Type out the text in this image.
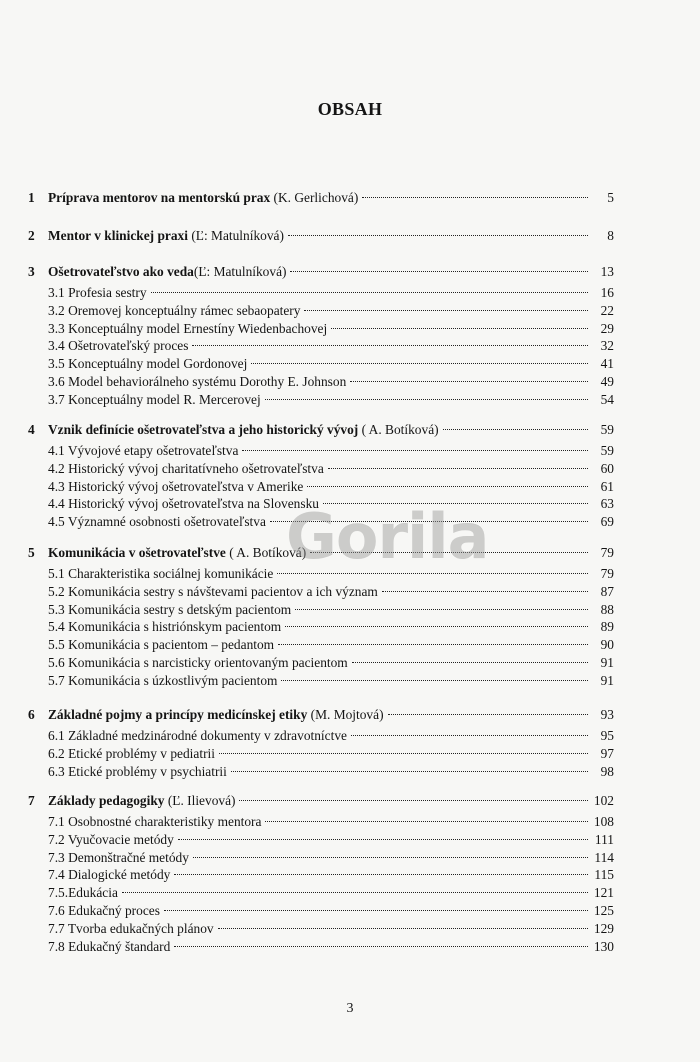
OBSAH
1 Príprava mentorov na mentorskú prax (K. Gerlichová)	5
2 Mentor v klinickej praxi (Ľ: Matulníková)	8
3 Ošetrovateľstvo ako veda(Ľ: Matulníková)	13
3.1 Profesia sestry	16
3.2 Oremovej konceptuálny rámec sebaopatery	22
3.3 Konceptuálny model Ernestíny Wiedenbachovej	29
3.4 Ošetrovateľský proces	32
3.5 Konceptuálny model Gordonovej	41
3.6 Model behaviorálneho systému Dorothy E. Johnson	49
3.7 Konceptuálny model R. Mercerovej	54
4 Vznik definície ošetrovateľstva a jeho historický vývoj ( A. Botíková)	59
4.1 Vývojové etapy ošetrovateľstva	59
4.2 Historický vývoj charitatívneho ošetrovateľstva	60
4.3 Historický vývoj ošetrovateľstva v Amerike	61
4.4 Historický vývoj ošetrovateľstva na Slovensku	63
4.5 Významné osobnosti ošetrovateľstva	69
5 Komunikácia v ošetrovateľstve ( A. Botíková)	79
5.1 Charakteristika sociálnej komunikácie	79
5.2 Komunikácia sestry s návštevami pacientov a ich význam	87
5.3 Komunikácia sestry s detským pacientom	88
5.4 Komunikácia s histriónskym pacientom	89
5.5 Komunikácia s pacientom – pedantom	90
5.6 Komunikácia s narcisticky orientovaným pacientom	91
5.7 Komunikácia s úzkostlivým pacientom	91
6 Základné pojmy a princípy medicínskej etiky (M. Mojtová)	93
6.1 Základné medzinárodné dokumenty v zdravotníctve	95
6.2 Etické problémy v pediatrii	97
6.3 Etické problémy v psychiatrii	98
7 Základy pedagogiky (Ľ. Ilievová)	102
7.1 Osobnostné charakteristiky mentora	108
7.2 Vyučovacie metódy	111
7.3 Demonštračné metódy	114
7.4 Dialogické metódy	115
7.5.Edukácia	121
7.6 Edukačný proces	125
7.7 Tvorba edukačných plánov	129
7.8 Edukačný štandard	130
Gorila
3
